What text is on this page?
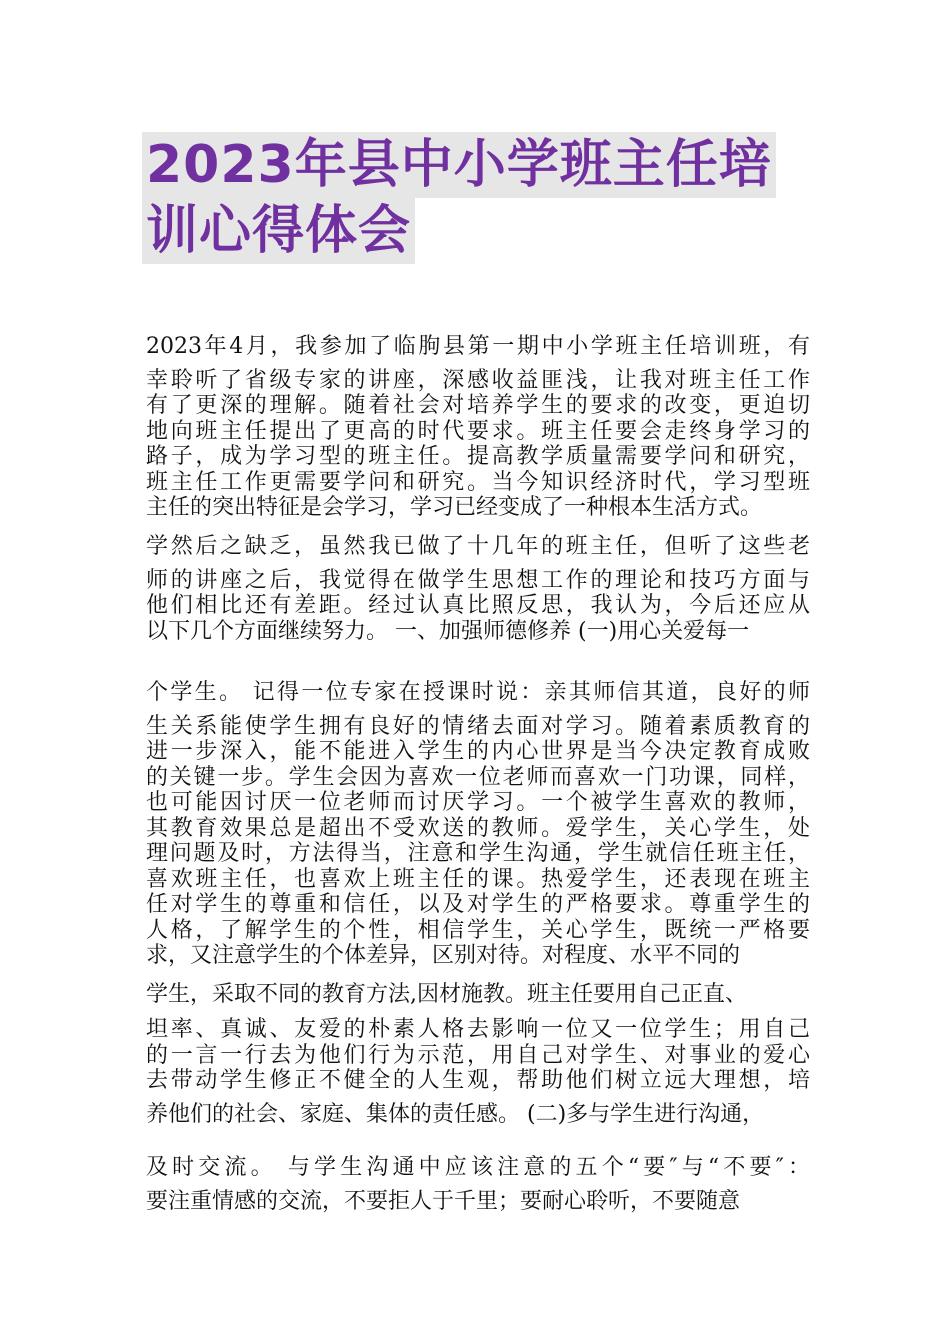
2023年县中小学班主任培
训心得体会
2023年4月，我参加了临朐县第一期中小学班主任培训班，有
幸聆听了省级专家的讲座，深感收益匪浅，让我对班主任工作
有了更深的理解。随着社会对培养学生的要求的改变，更迫切
地向班主任提出了更高的时代要求。班主任要会走终身学习的
路子，成为学习型的班主任。提高教学质量需要学问和研究，
班主任工作更需要学问和研究。当今知识经济时代，学习型班
主任的突出特征是会学习，学习已经变成了一种根本生活方式。
学然后之缺乏，虽然我已做了十几年的班主任，但听了这些老
师的讲座之后，我觉得在做学生思想工作的理论和技巧方面与
他们相比还有差距。经过认真比照反思，我认为，今后还应从
以下几个方面继续努力。 一、加强师德修养 (一)用心关爱每一
个学生。 记得一位专家在授课时说：亲其师信其道，良好的师
生关系能使学生拥有良好的情绪去面对学习。随着素质教育的
进一步深入，能不能进入学生的内心世界是当今决定教育成败
的关键一步。学生会因为喜欢一位老师而喜欢一门功课，同样，
也可能因讨厌一位老师而讨厌学习。一个被学生喜欢的教师，
其教育效果总是超出不受欢送的教师。爱学生，关心学生，处
理问题及时，方法得当，注意和学生沟通，学生就信任班主任，
喜欢班主任，也喜欢上班主任的课。热爱学生，还表现在班主
任对学生的尊重和信任，以及对学生的严格要求。尊重学生的
人格，了解学生的个性，相信学生，关心学生，既统一严格要
求，又注意学生的个体差异，区别对待。对程度、水平不同的
学生，采取不同的教育方法,因材施教。班主任要用自己正直、
坦率、真诚、友爱的朴素人格去影响一位又一位学生；用自己
的一言一行去为他们行为示范，用自己对学生、对事业的爱心
去带动学生修正不健全的人生观，帮助他们树立远大理想，培
养他们的社会、家庭、集体的责任感。 (二)多与学生进行沟通，
及时交流。 与学生沟通中应该注意的五个“要″与“不要″：
要注重情感的交流，不要拒人于千里；要耐心聆听，不要随意
